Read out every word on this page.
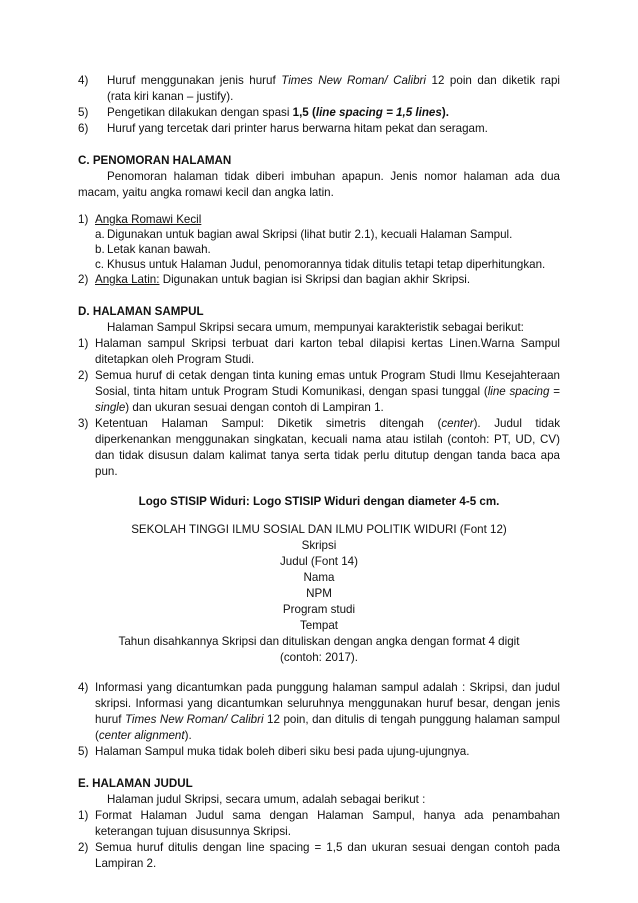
4) Huruf menggunakan jenis huruf Times New Roman/ Calibri 12 poin dan diketik rapi
(rata kiri kanan – justify).
5) Pengetikan dilakukan dengan spasi 1,5 (line spacing = 1,5 lines).
6) Huruf yang tercetak dari printer harus berwarna hitam pekat dan seragam.
C. PENOMORAN HALAMAN
Penomoran halaman tidak diberi imbuhan apapun. Jenis nomor halaman ada dua
macam, yaitu angka romawi kecil dan angka latin.
1) Angka Romawi Kecil
a. Digunakan untuk bagian awal Skripsi (lihat butir 2.1), kecuali Halaman Sampul.
b. Letak kanan bawah.
c. Khusus untuk Halaman Judul, penomorannya tidak ditulis tetapi tetap diperhitungkan.
2) Angka Latin: Digunakan untuk bagian isi Skripsi dan bagian akhir Skripsi.
D. HALAMAN SAMPUL
Halaman Sampul Skripsi secara umum, mempunyai karakteristik sebagai berikut:
1) Halaman sampul Skripsi terbuat dari karton tebal dilapisi kertas Linen.Warna Sampul
ditetapkan oleh Program Studi.
2) Semua huruf di cetak dengan tinta kuning emas untuk Program Studi Ilmu Kesejahteraan
Sosial, tinta hitam untuk Program Studi Komunikasi, dengan spasi tunggal (line spacing =
single) dan ukuran sesuai dengan contoh di Lampiran 1.
3) Ketentuan Halaman Sampul: Diketik simetris ditengah (center). Judul tidak
diperkenankan menggunakan singkatan, kecuali nama atau istilah (contoh: PT, UD, CV)
dan tidak disusun dalam kalimat tanya serta tidak perlu ditutup dengan tanda baca apa
pun.
Logo STISIP Widuri: Logo STISIP Widuri dengan diameter 4-5 cm.
SEKOLAH TINGGI ILMU SOSIAL DAN ILMU POLITIK WIDURI (Font 12)
Skripsi
Judul (Font 14)
Nama
NPM
Program studi
Tempat
Tahun disahkannya Skripsi dan dituliskan dengan angka dengan format 4 digit
(contoh: 2017).
4) Informasi yang dicantumkan pada punggung halaman sampul adalah : Skripsi, dan judul
skripsi. Informasi yang dicantumkan seluruhnya menggunakan huruf besar, dengan jenis
huruf Times New Roman/ Calibri 12 poin, dan ditulis di tengah punggung halaman sampul
(center alignment).
5) Halaman Sampul muka tidak boleh diberi siku besi pada ujung-ujungnya.
E. HALAMAN JUDUL
Halaman judul Skripsi, secara umum, adalah sebagai berikut :
1) Format Halaman Judul sama dengan Halaman Sampul, hanya ada penambahan
keterangan tujuan disusunnya Skripsi.
2) Semua huruf ditulis dengan line spacing = 1,5 dan ukuran sesuai dengan contoh pada
Lampiran 2.
